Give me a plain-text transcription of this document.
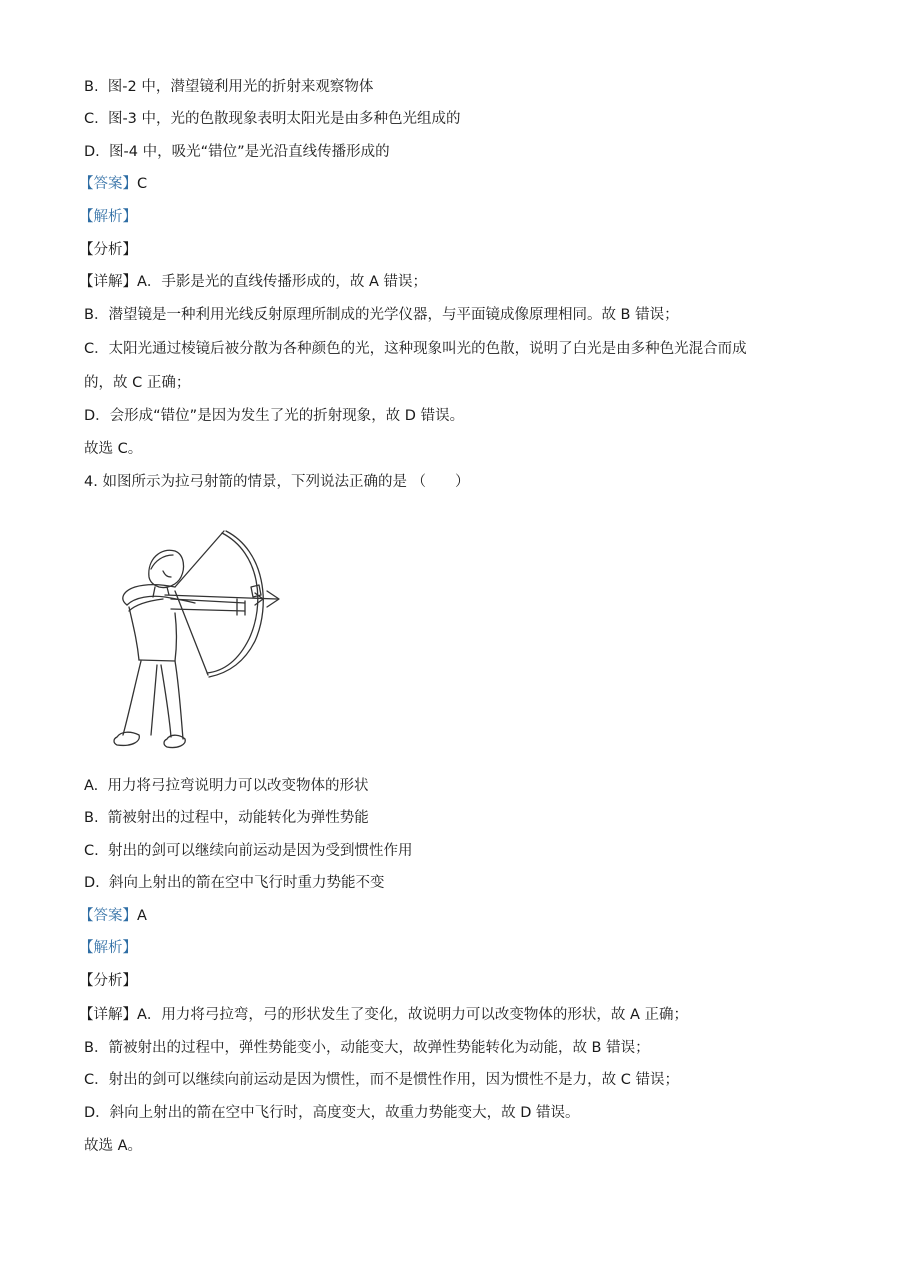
B. 图-2 中，潜望镜利用光的折射来观察物体
C. 图-3 中，光的色散现象表明太阳光是由多种色光组成的
D. 图-4 中，吸光“错位”是光沿直线传播形成的
【答案】C
【解析】
【分析】
【详解】A．手影是光的直线传播形成的，故 A 错误；
B．潜望镜是一种利用光线反射原理所制成的光学仪器，与平面镜成像原理相同。故 B 错误；
C．太阳光通过棱镜后被分散为各种颜色的光，这种现象叫光的色散，说明了白光是由多种色光混合而成
的，故 C 正确；
D．会形成“错位”是因为发生了光的折射现象，故 D 错误。
故选 C。
4. 如图所示为拉弓射箭的情景，下列说法正确的是 （　　）
A. 用力将弓拉弯说明力可以改变物体的形状
B. 箭被射出的过程中，动能转化为弹性势能
C. 射出的剑可以继续向前运动是因为受到惯性作用
D. 斜向上射出的箭在空中飞行时重力势能不变
【答案】A
【解析】
【分析】
【详解】A．用力将弓拉弯，弓的形状发生了变化，故说明力可以改变物体的形状，故 A 正确；
B．箭被射出的过程中，弹性势能变小，动能变大，故弹性势能转化为动能，故 B 错误；
C．射出的剑可以继续向前运动是因为惯性，而不是惯性作用，因为惯性不是力，故 C 错误；
D．斜向上射出的箭在空中飞行时，高度变大，故重力势能变大，故 D 错误。
故选 A。
